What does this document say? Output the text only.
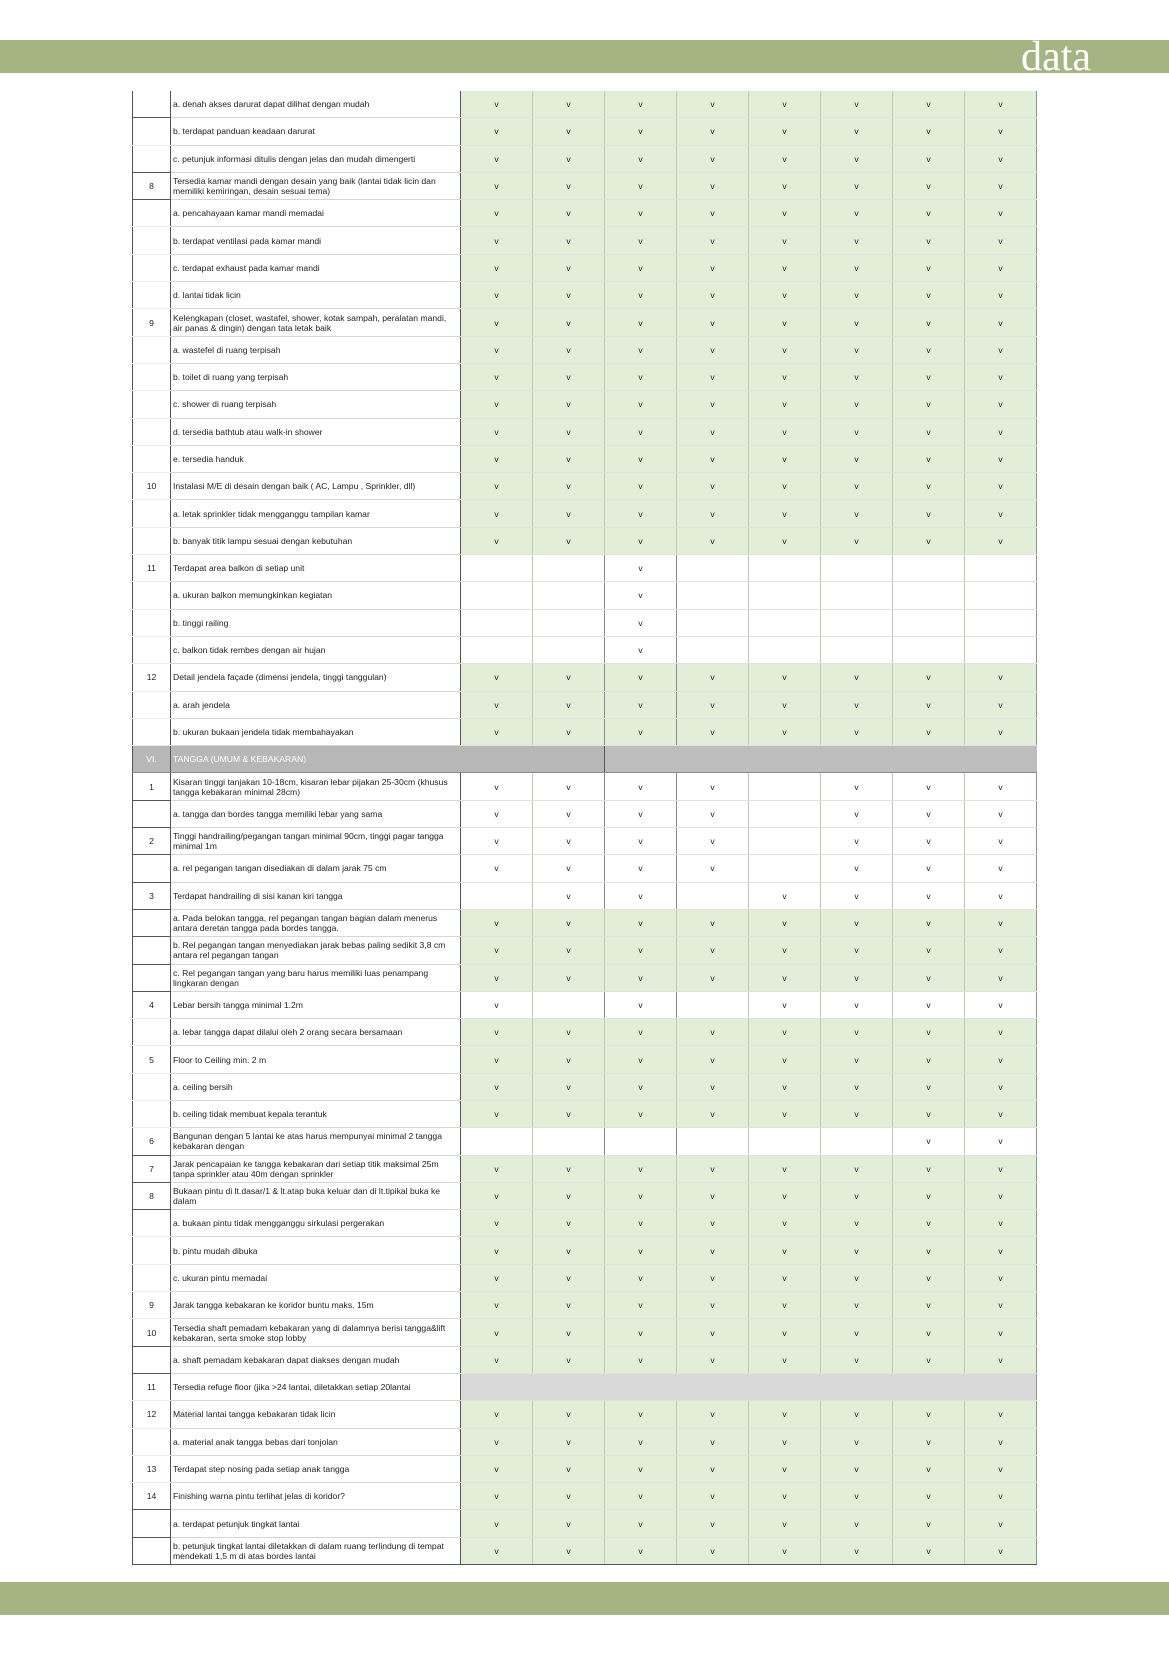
data
	a. denah akses darurat dapat dilihat dengan mudah	v	v	v	v	v	v	v	v
	b. terdapat panduan keadaan darurat	v	v	v	v	v	v	v	v
	c. petunjuk informasi ditulis dengan jelas dan mudah dimengerti	v	v	v	v	v	v	v	v
8	Tersedia kamar mandi dengan desain yang baik (lantai tidak licin dan memiliki kemiringan, desain sesuai tema)	v	v	v	v	v	v	v	v
	a. pencahayaan kamar mandi memadai	v	v	v	v	v	v	v	v
	b. terdapat ventilasi pada kamar mandi	v	v	v	v	v	v	v	v
	c. terdapat exhaust pada kamar mandi	v	v	v	v	v	v	v	v
	d. lantai tidak licin	v	v	v	v	v	v	v	v
9	Kelengkapan (closet, wastafel, shower, kotak sampah, peralatan mandi, air panas & dingin) dengan tata letak baik	v	v	v	v	v	v	v	v
	a. wastefel di ruang terpisah	v	v	v	v	v	v	v	v
	b. toilet di ruang yang terpisah	v	v	v	v	v	v	v	v
	c. shower di ruang terpisah	v	v	v	v	v	v	v	v
	d. tersedia bathtub atau walk-in shower	v	v	v	v	v	v	v	v
	e. tersedia handuk	v	v	v	v	v	v	v	v
10	Instalasi M/E di desain dengan baik ( AC, Lampu , Sprinkler, dll)	v	v	v	v	v	v	v	v
	a. letak sprinkler tidak mengganggu tampilan kamar	v	v	v	v	v	v	v	v
	b. banyak titik lampu sesuai dengan kebutuhan	v	v	v	v	v	v	v	v
11	Terdapat area balkon di setiap unit			v					
	a. ukuran balkon memungkinkan kegiatan			v					
	b. tinggi railing			v					
	c. balkon tidak rembes dengan air hujan			v					
12	Detail jendela façade (dimensi jendela, tinggi tanggulan)	v	v	v	v	v	v	v	v
	a. arah jendela	v	v	v	v	v	v	v	v
	b. ukuran bukaan jendela tidak membahayakan	v	v	v	v	v	v	v	v
VI.	TANGGA (UMUM & KEBAKARAN)								
1	Kisaran tinggi tanjakan 10-18cm, kisaran lebar pijakan 25-30cm (khusus tangga kebakaran minimal 28cm)	v	v	v	v		v	v	v
	a. tangga dan bordes tangga memiliki lebar yang sama	v	v	v	v		v	v	v
2	Tinggi handrailing/pegangan tangan minimal 90cm, tinggi pagar tangga minimal 1m	v	v	v	v		v	v	v
	a. rel pegangan tangan disediakan di dalam jarak 75 cm	v	v	v	v		v	v	v
3	Terdapat handrailing di sisi kanan kiri tangga		v	v		v	v	v	v
	a. Pada belokan tangga, rel pegangan tangan bagian dalam menerus antara deretan tangga pada bordes tangga.	v	v	v	v	v	v	v	v
	b. Rel pegangan tangan menyediakan jarak bebas paling sedikit 3,8 cm antara rel pegangan tangan	v	v	v	v	v	v	v	v
	c. Rel pegangan tangan yang baru harus memiliki luas penampang lingkaran dengan	v	v	v	v	v	v	v	v
4	Lebar bersih tangga minimal 1.2m	v		v		v	v	v	v
	a. lebar tangga dapat dilalui oleh 2 orang secara bersamaan	v	v	v	v	v	v	v	v
5	Floor to Ceiling min. 2 m	v	v	v	v	v	v	v	v
	a. ceiling bersih	v	v	v	v	v	v	v	v
	b. ceiling tidak membuat kepala terantuk	v	v	v	v	v	v	v	v
6	Bangunan dengan 5 lantai ke atas harus mempunyai minimal 2 tangga kebakaran dengan							v	v
7	Jarak pencapaian ke tangga kebakaran dari setiap titik maksimal 25m tanpa sprinkler atau 40m dengan sprinkler	v	v	v	v	v	v	v	v
8	Bukaan pintu di lt.dasar/1 & lt.atap buka keluar dan di lt.tipikal buka ke dalam	v	v	v	v	v	v	v	v
	a. bukaan pintu tidak mengganggu sirkulasi pergerakan	v	v	v	v	v	v	v	v
	b. pintu mudah dibuka	v	v	v	v	v	v	v	v
	c. ukuran pintu memadai	v	v	v	v	v	v	v	v
9	Jarak tangga kebakaran ke koridor buntu maks. 15m	v	v	v	v	v	v	v	v
10	Tersedia shaft pemadam kebakaran yang di dalamnya berisi tangga&lift kebakaran, serta smoke stop lobby	v	v	v	v	v	v	v	v
	a. shaft pemadam kebakaran dapat diakses dengan mudah	v	v	v	v	v	v	v	v
11	Tersedia refuge floor (jika >24 lantai, diletakkan setiap 20lantai								
12	Material lantai tangga kebakaran tidak licin	v	v	v	v	v	v	v	v
	a. material anak tangga bebas dari tonjolan	v	v	v	v	v	v	v	v
13	Terdapat step nosing pada setiap anak tangga	v	v	v	v	v	v	v	v
14	Finishing warna pintu terlihat jelas di koridor?	v	v	v	v	v	v	v	v
	a. terdapat petunjuk tingkat lantai	v	v	v	v	v	v	v	v
	b. petunjuk tingkat lantai diletakkan di dalam ruang terlindung di tempat mendekati 1,5 m di atas bordes lantai	v	v	v	v	v	v	v	v
